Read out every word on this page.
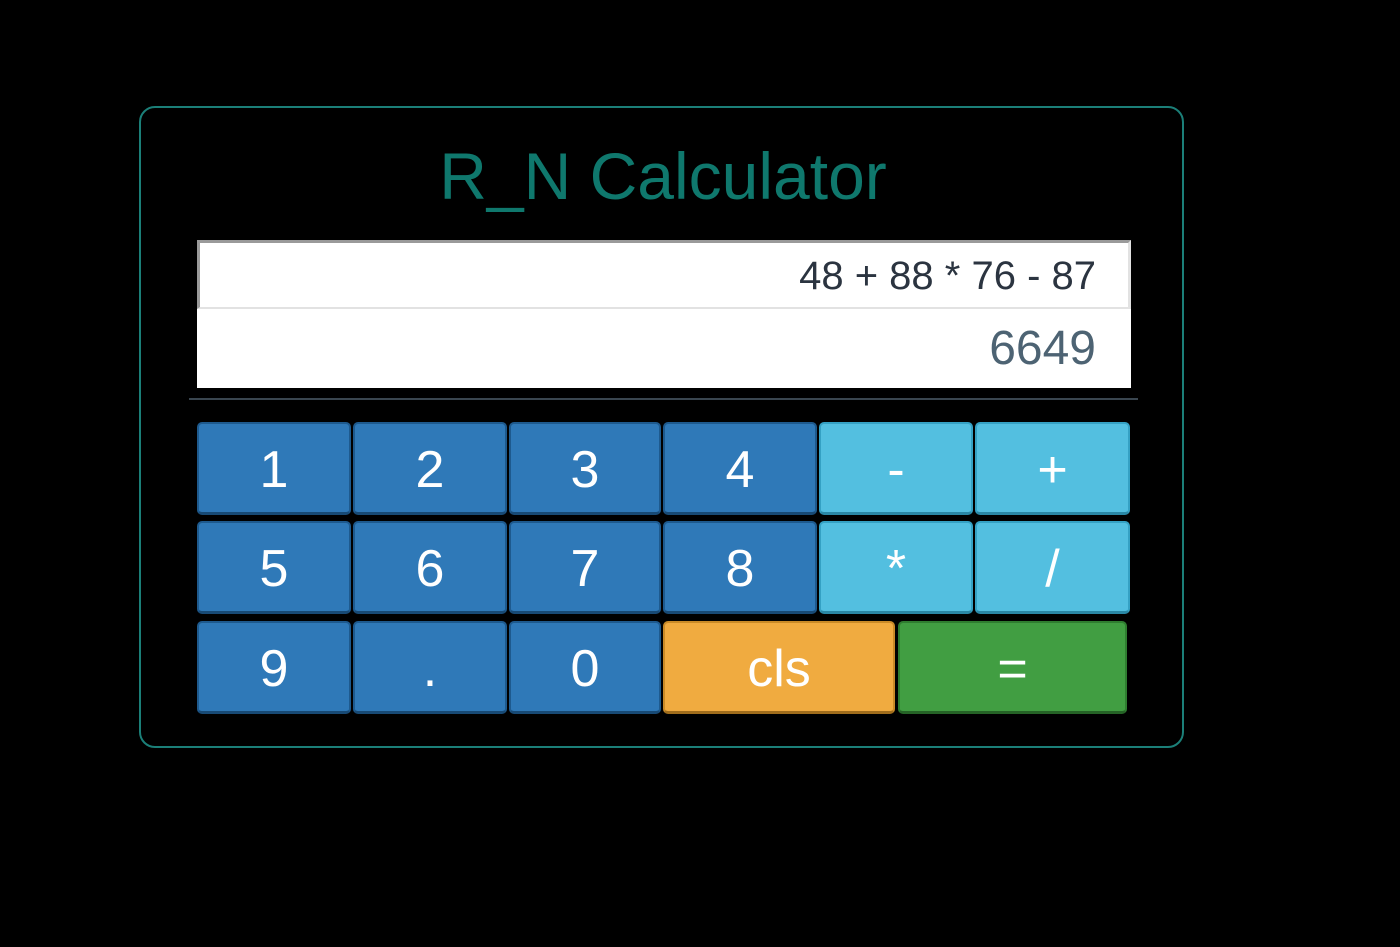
R_N Calculator
48 + 88 * 76 - 87
6649
1	2	3	4	-	+
5	6	7	8	*	/
9	.	0	cls	=
